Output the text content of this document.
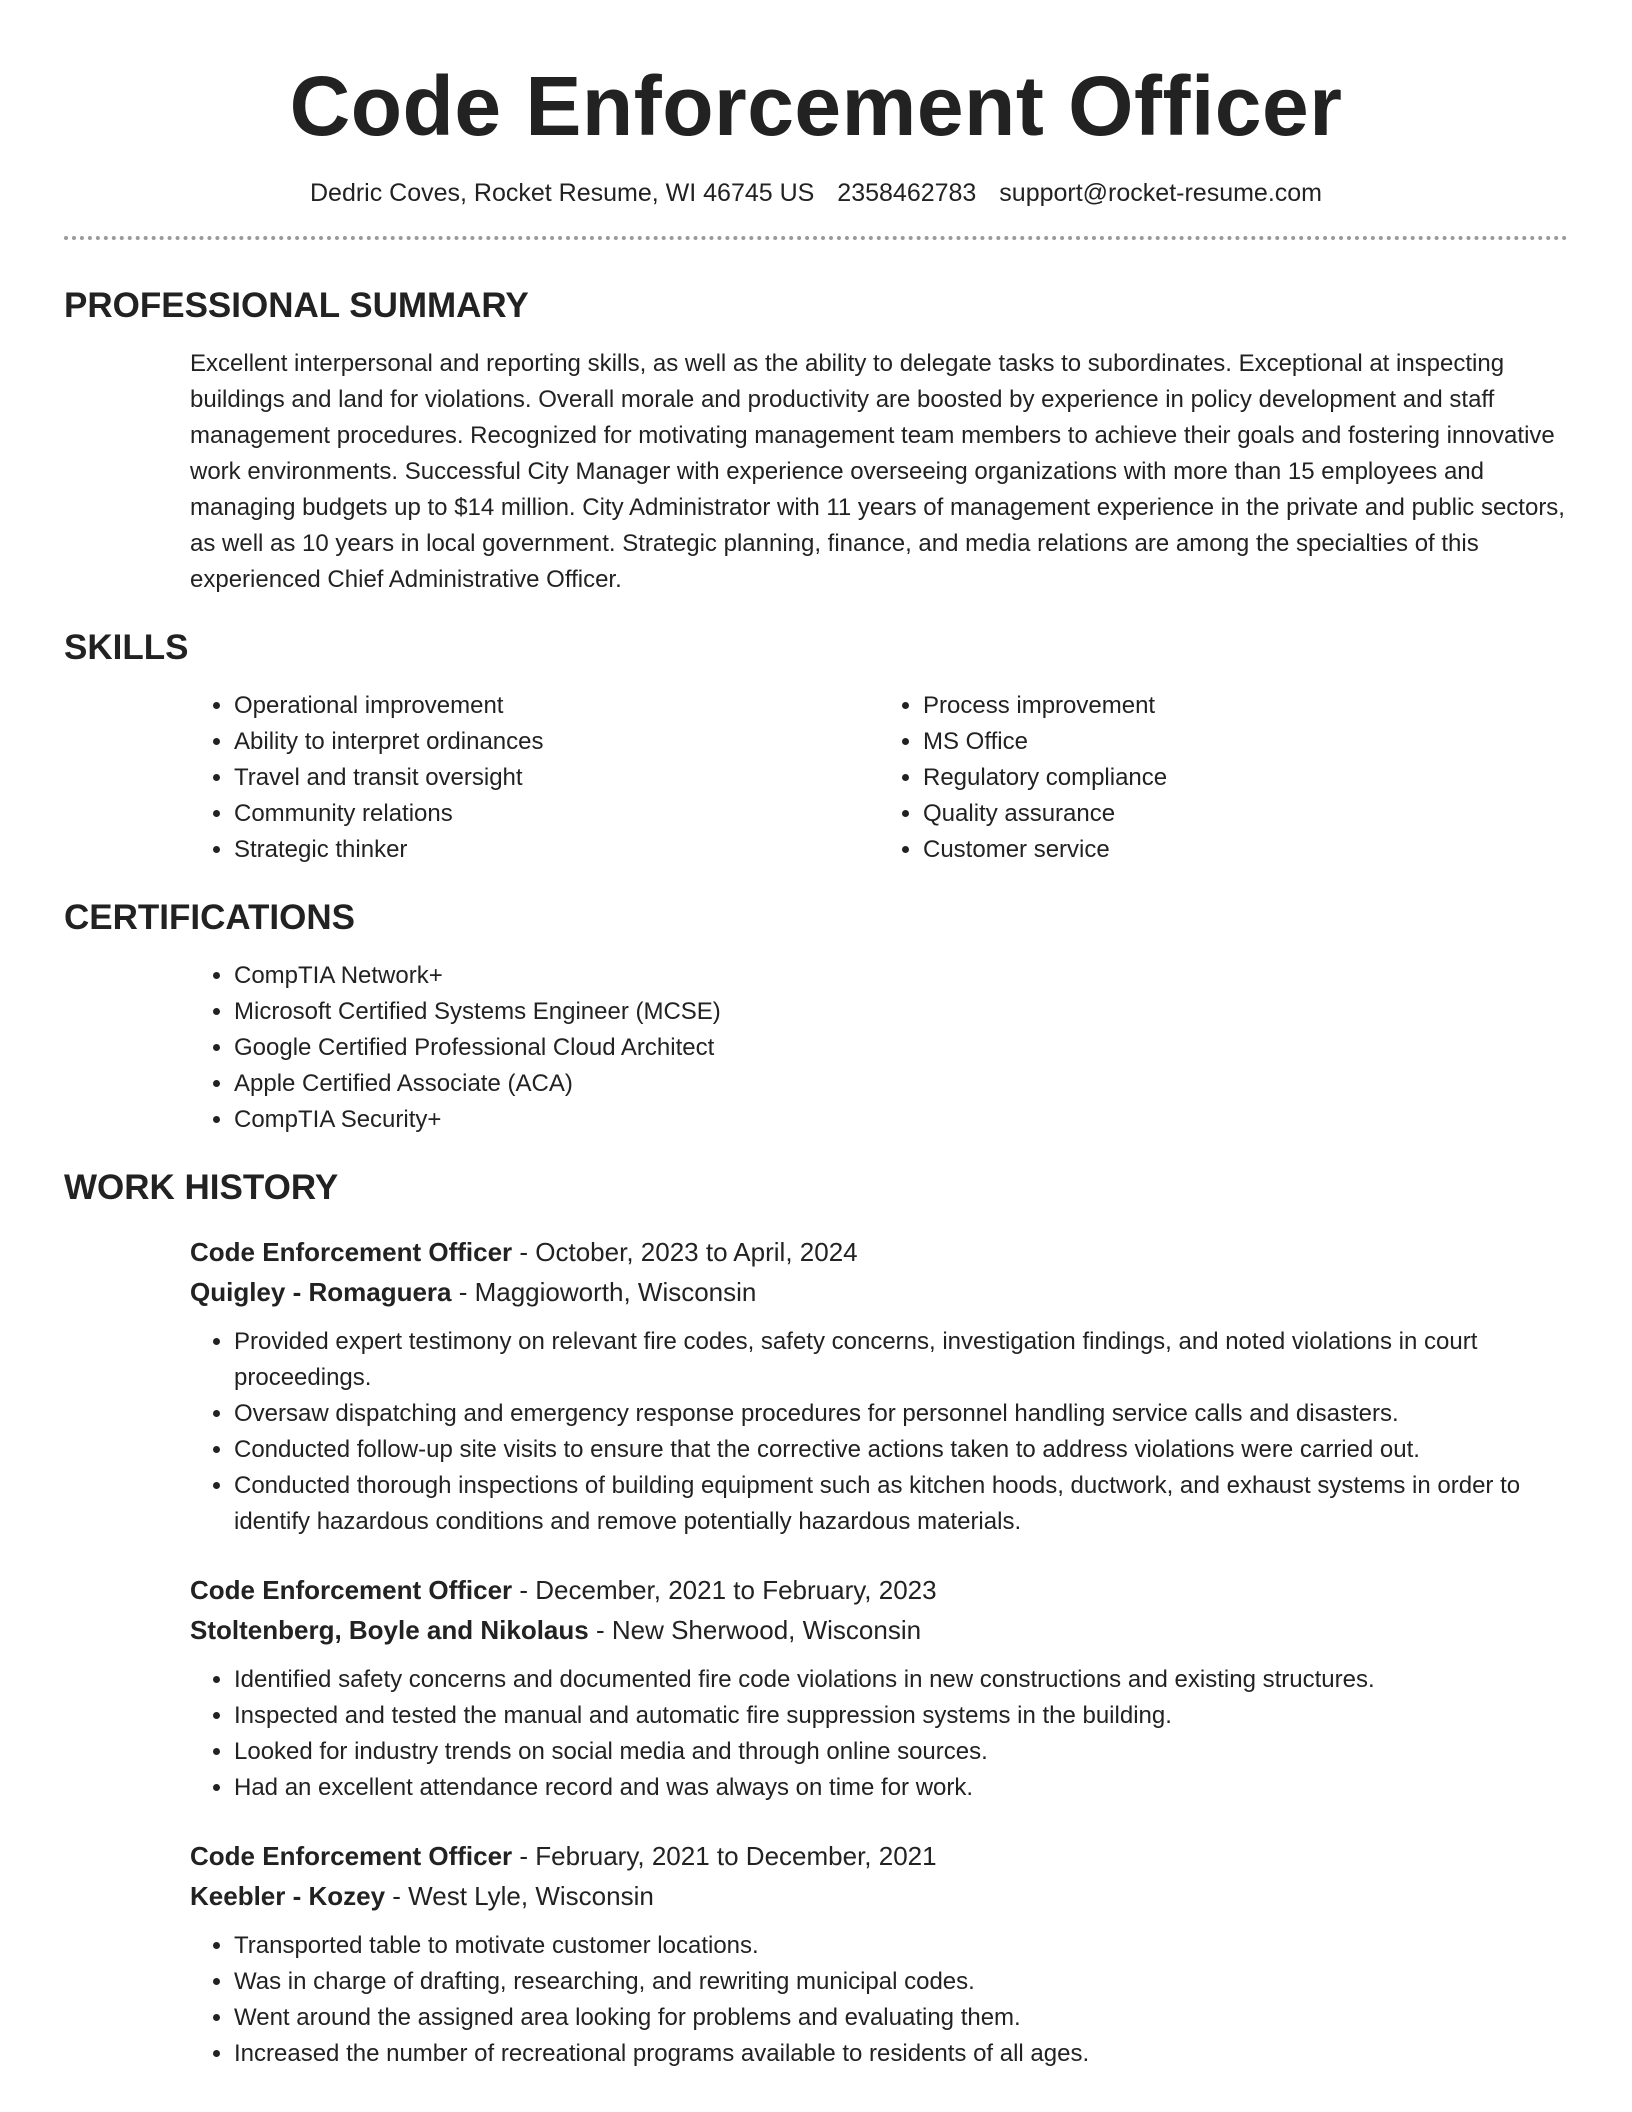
Code Enforcement Officer
Dedric Coves, Rocket Resume, WI 46745 US 2358462783 support@rocket-resume.com
PROFESSIONAL SUMMARY

Excellent interpersonal and reporting skills, as well as the ability to delegate tasks to subordinates. Exceptional at inspecting buildings and land for violations. Overall morale and productivity are boosted by experience in policy development and staff management procedures. Recognized for motivating management team members to achieve their goals and fostering innovative work environments. Successful City Manager with experience overseeing organizations with more than 15 employees and managing budgets up to $14 million. City Administrator with 11 years of management experience in the private and public sectors, as well as 10 years in local government. Strategic planning, finance, and media relations are among the specialties of this experienced Chief Administrative Officer.

SKILLS
• Operational improvement
• Ability to interpret ordinances
• Travel and transit oversight
• Community relations
• Strategic thinker
• Process improvement
• MS Office
• Regulatory compliance
• Quality assurance
• Customer service
CERTIFICATIONS
• CompTIA Network+
• Microsoft Certified Systems Engineer (MCSE)
• Google Certified Professional Cloud Architect
• Apple Certified Associate (ACA)
• CompTIA Security+
WORK HISTORY
Code Enforcement Officer - October, 2023 to April, 2024
Quigley - Romaguera - Maggioworth, Wisconsin
• Provided expert testimony on relevant fire codes, safety concerns, investigation findings, and noted violations in court proceedings.
• Oversaw dispatching and emergency response procedures for personnel handling service calls and disasters.
• Conducted follow-up site visits to ensure that the corrective actions taken to address violations were carried out.
• Conducted thorough inspections of building equipment such as kitchen hoods, ductwork, and exhaust systems in order to identify hazardous conditions and remove potentially hazardous materials.
Code Enforcement Officer - December, 2021 to February, 2023
Stoltenberg, Boyle and Nikolaus - New Sherwood, Wisconsin
• Identified safety concerns and documented fire code violations in new constructions and existing structures.
• Inspected and tested the manual and automatic fire suppression systems in the building.
• Looked for industry trends on social media and through online sources.
• Had an excellent attendance record and was always on time for work.
Code Enforcement Officer - February, 2021 to December, 2021
Keebler - Kozey - West Lyle, Wisconsin
• Transported table to motivate customer locations.
• Was in charge of drafting, researching, and rewriting municipal codes.
• Went around the assigned area looking for problems and evaluating them.
• Increased the number of recreational programs available to residents of all ages.
